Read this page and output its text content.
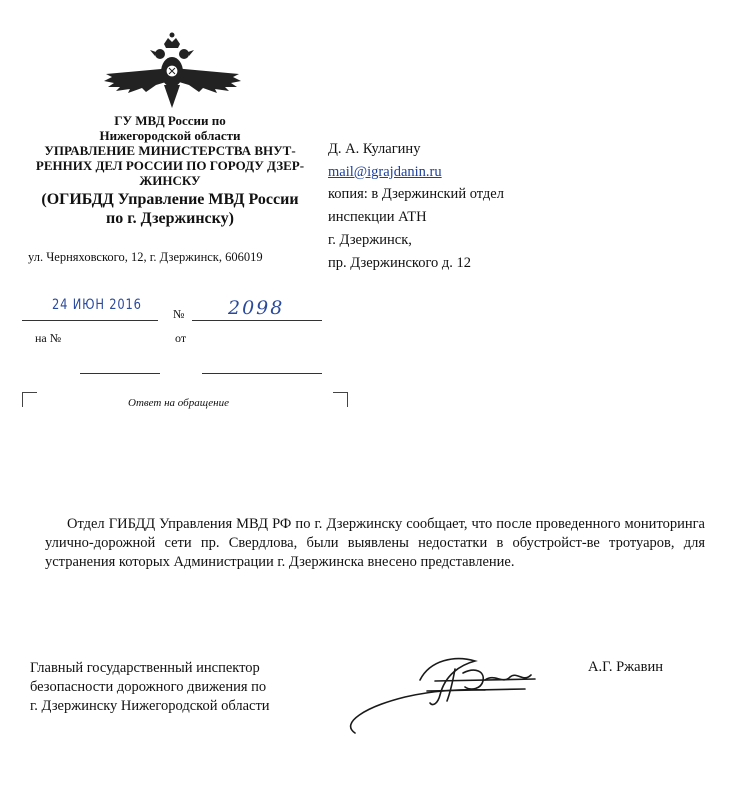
ГУ МВД России по
Нижегородской области
УПРАВЛЕНИЕ МИНИСТЕРСТВА ВНУТ-
РЕННИХ ДЕЛ РОССИИ ПО ГОРОДУ ДЗЕР-
ЖИНСКУ
(ОГИБДД Управление МВД России
по г. Дзержинску)
ул. Черняховского, 12, г. Дзержинск, 606019
Д. А. Кулагину
mail@igrajdanin.ru
копия: в Дзержинский отдел
инспекции АТН
г. Дзержинск,
пр. Дзержинского д. 12
24 ИЮН 2016
№ 2098
на №	от
Ответ на обращение
Отдел ГИБДД Управления МВД РФ по г. Дзержинску сообщает, что после проведенного мониторинга улично-дорожной сети пр. Свердлова, были выявлены недостатки в обустройст-ве тротуаров, для устранения которых Администрации г. Дзержинска внесено представление.
Главный государственный инспектор
безопасности дорожного движения по
г. Дзержинску Нижегородской области
А.Г. Ржавин
